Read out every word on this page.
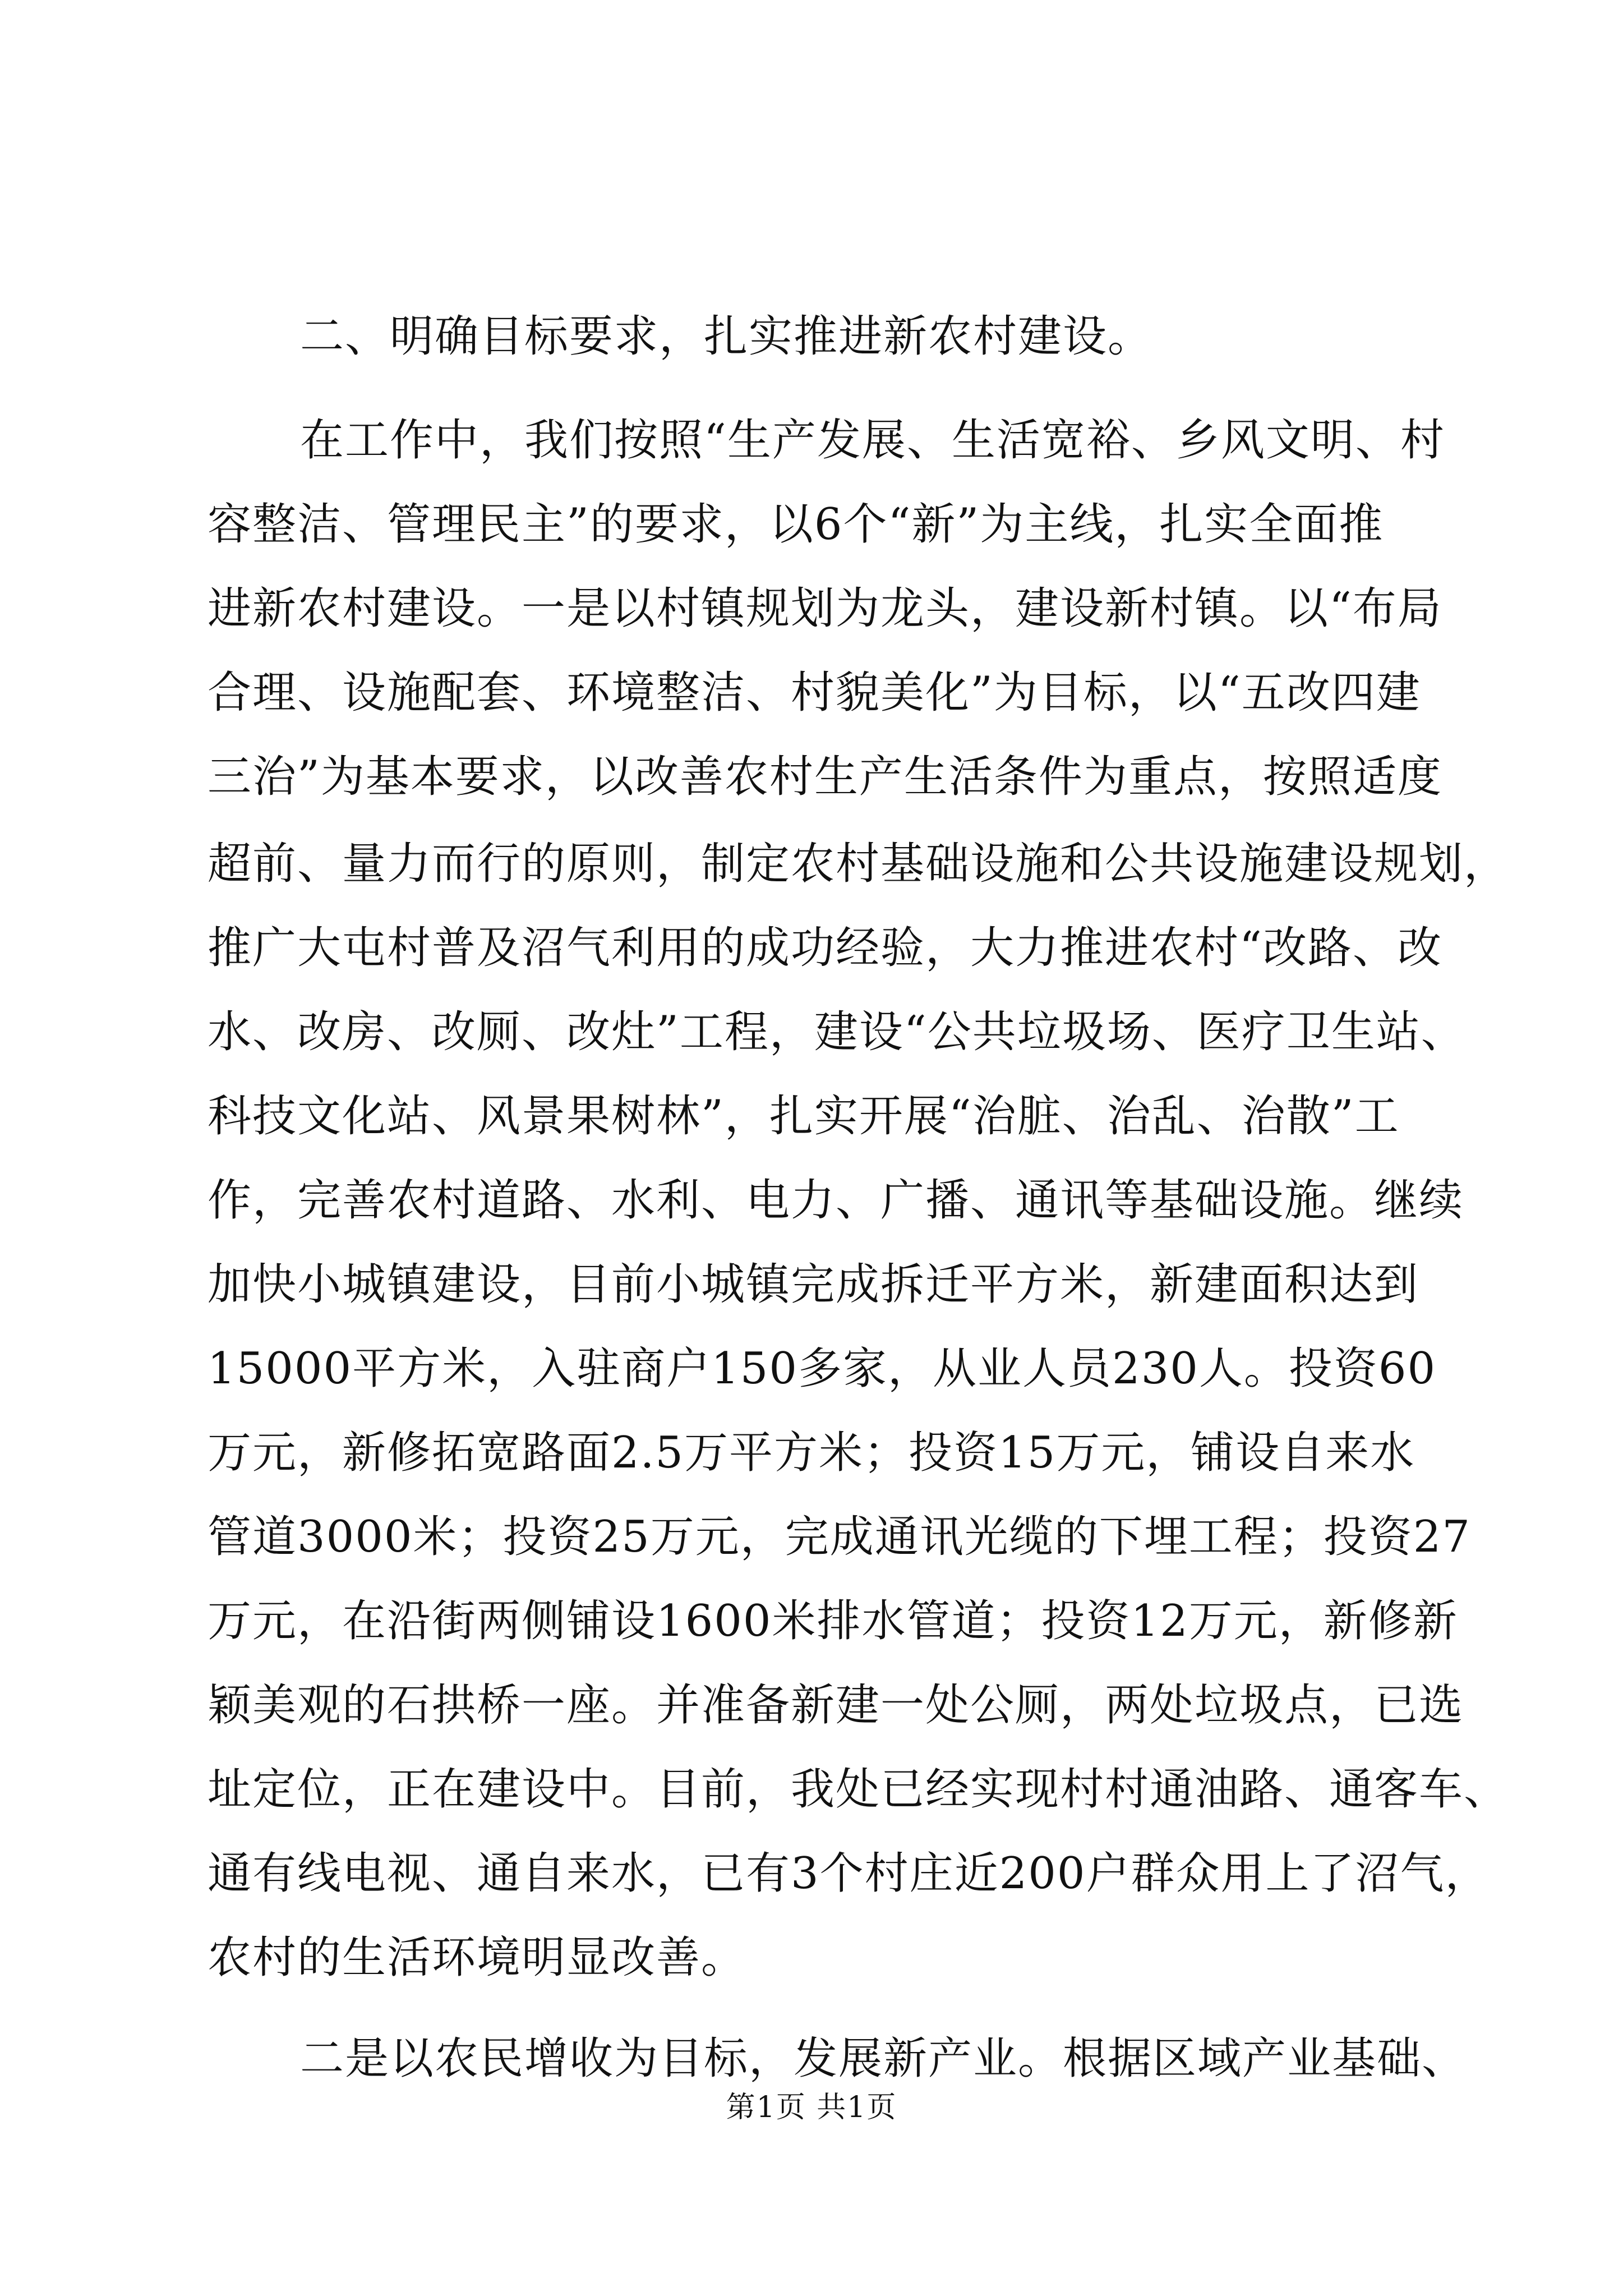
二、明确目标要求，扎实推进新农村建设。
在工作中，我们按照“生产发展、生活宽裕、乡风文明、村
容整洁、管理民主”的要求，以6个“新”为主线，扎实全面推
进新农村建设。一是以村镇规划为龙头，建设新村镇。以“布局
合理、设施配套、环境整洁、村貌美化”为目标，以“五改四建
三治”为基本要求，以改善农村生产生活条件为重点，按照适度
超前、量力而行的原则，制定农村基础设施和公共设施建设规划，
推广大屯村普及沼气利用的成功经验，大力推进农村“改路、改
水、改房、改厕、改灶”工程，建设“公共垃圾场、医疗卫生站、
科技文化站、风景果树林”，扎实开展“治脏、治乱、治散”工
作，完善农村道路、水利、电力、广播、通讯等基础设施。继续
加快小城镇建设，目前小城镇完成拆迁平方米，新建面积达到
15000平方米，入驻商户150多家，从业人员230人。投资60
万元，新修拓宽路面2.5万平方米；投资15万元，铺设自来水
管道3000米；投资25万元，完成通讯光缆的下埋工程；投资27
万元，在沿街两侧铺设1600米排水管道；投资12万元，新修新
颖美观的石拱桥一座。并准备新建一处公厕，两处垃圾点，已选
址定位，正在建设中。目前，我处已经实现村村通油路、通客车、
通有线电视、通自来水，已有3个村庄近200户群众用上了沼气，
农村的生活环境明显改善。
二是以农民增收为目标，发展新产业。根据区域产业基础、
第1页 共1页
